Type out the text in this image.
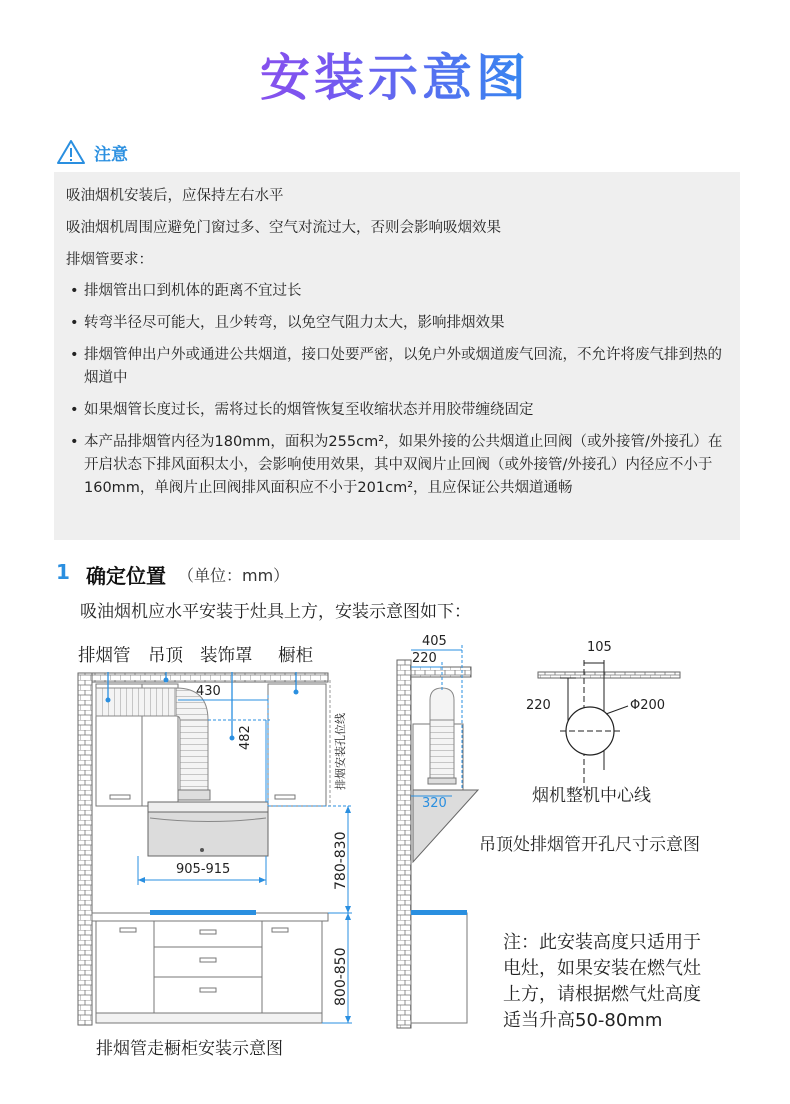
安装示意图
注意
吸油烟机安装后，应保持左右水平
吸油烟机周围应避免门窗过多、空气对流过大，否则会影响吸烟效果
排烟管要求：
• 排烟管出口到机体的距离不宜过长
• 转弯半径尽可能大，且少转弯，以免空气阻力太大，影响排烟效果
• 排烟管伸出户外或通进公共烟道，接口处要严密，以免户外或烟道废气回流，不允许将废气排到热的烟道中
• 如果烟管长度过长，需将过长的烟管恢复至收缩状态并用胶带缠绕固定
• 本产品排烟管内径为180mm，面积为255cm²，如果外接的公共烟道止回阀（或外接管/外接孔）在开启状态下排风面积太小，会影响使用效果，其中双阀片止回阀（或外接管/外接孔）内径应不小于160mm，单阀片止回阀排风面积应不小于201cm²，且应保证公共烟道通畅
1 确定位置 （单位：mm）
吸油烟机应水平安装于灶具上方，安装示意图如下：
排烟管 吊顶 装饰罩 橱柜
430
482	排烟安装孔位线
905-915	780-830
800-850
排烟管走橱柜安装示意图
405
220
320
105
220	Φ200
烟机整机中心线
吊顶处排烟管开孔尺寸示意图
注：此安装高度只适用于
电灶，如果安装在燃气灶
上方，请根据燃气灶高度
适当升高50-80mm
